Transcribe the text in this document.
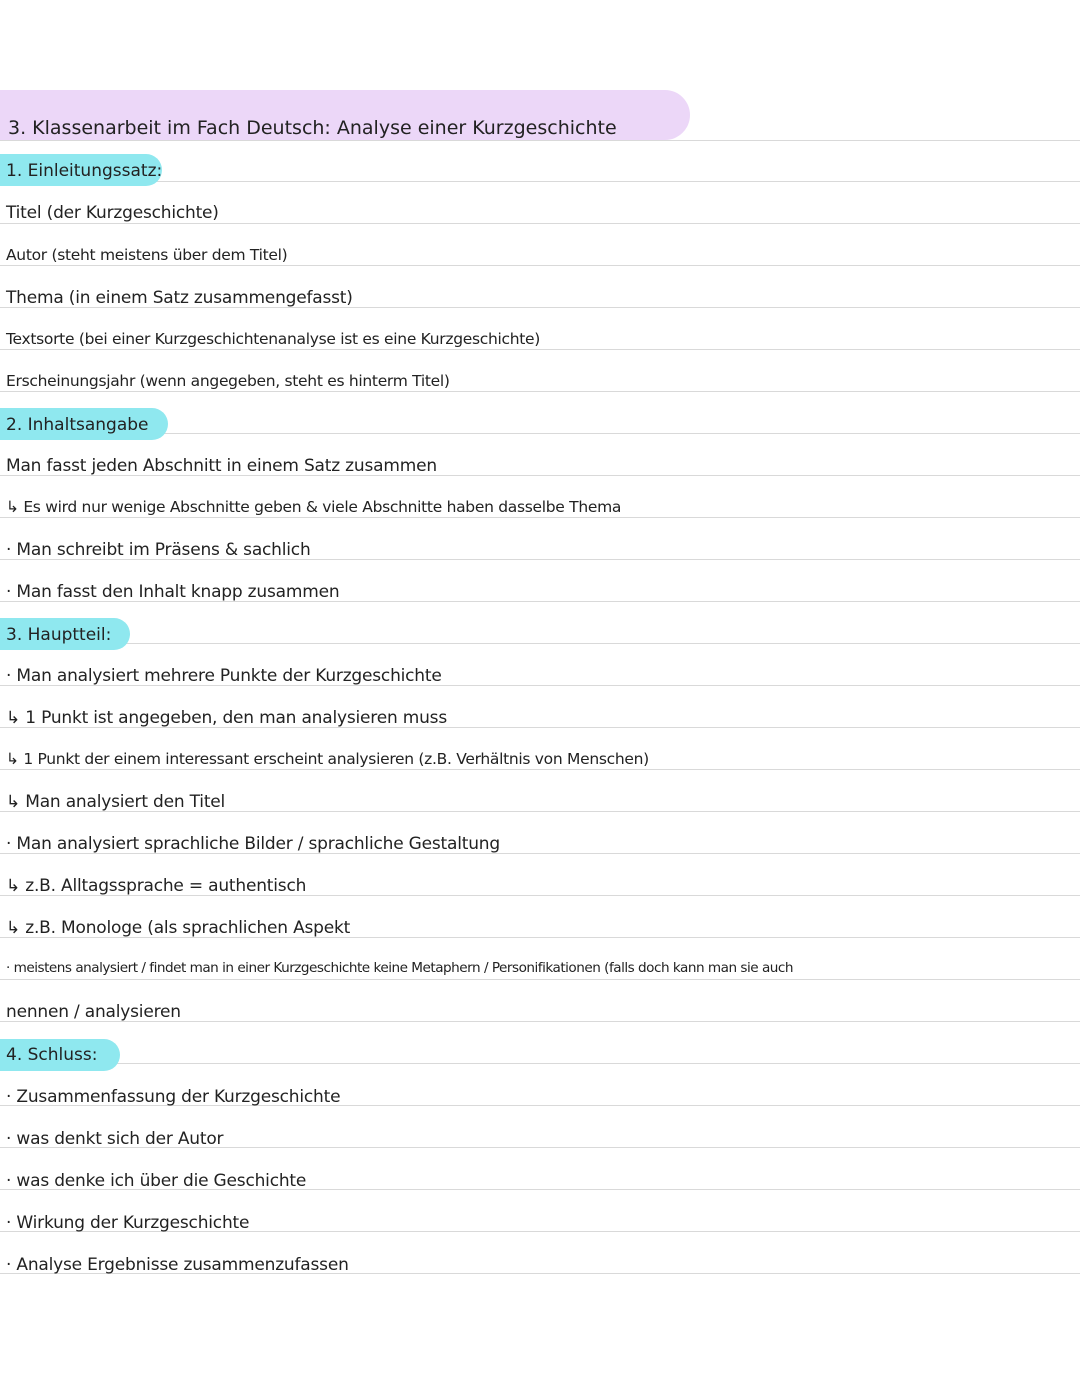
3. Klassenarbeit im Fach Deutsch: Analyse einer Kurzgeschichte
1. Einleitungssatz:
Titel (der Kurzgeschichte)
Autor (steht meistens über dem Titel)
Thema (in einem Satz zusammengefasst)
Textsorte (bei einer Kurzgeschichtenanalyse ist es eine Kurzgeschichte)
Erscheinungsjahr (wenn angegeben, steht es hinterm Titel)
2. Inhaltsangabe
Man fasst jeden Abschnitt in einem Satz zusammen
↳ Es wird nur wenige Abschnitte geben & viele Abschnitte haben dasselbe Thema
· Man schreibt im Präsens & sachlich
· Man fasst den Inhalt knapp zusammen
3. Hauptteil:
· Man analysiert mehrere Punkte der Kurzgeschichte
↳ 1 Punkt ist angegeben, den man analysieren muss
↳ 1 Punkt der einem interessant erscheint analysieren (z.B. Verhältnis von Menschen)
↳ Man analysiert den Titel
· Man analysiert sprachliche Bilder / sprachliche Gestaltung
↳ z.B. Alltagssprache = authentisch
↳ z.B. Monologe (als sprachlichen Aspekt
· meistens analysiert / findet man in einer Kurzgeschichte keine Metaphern / Personifikationen (falls doch kann man sie auch
nennen / analysieren
4. Schluss:
· Zusammenfassung der Kurzgeschichte
· was denkt sich der Autor
· was denke ich über die Geschichte
· Wirkung der Kurzgeschichte
· Analyse Ergebnisse zusammenzufassen
